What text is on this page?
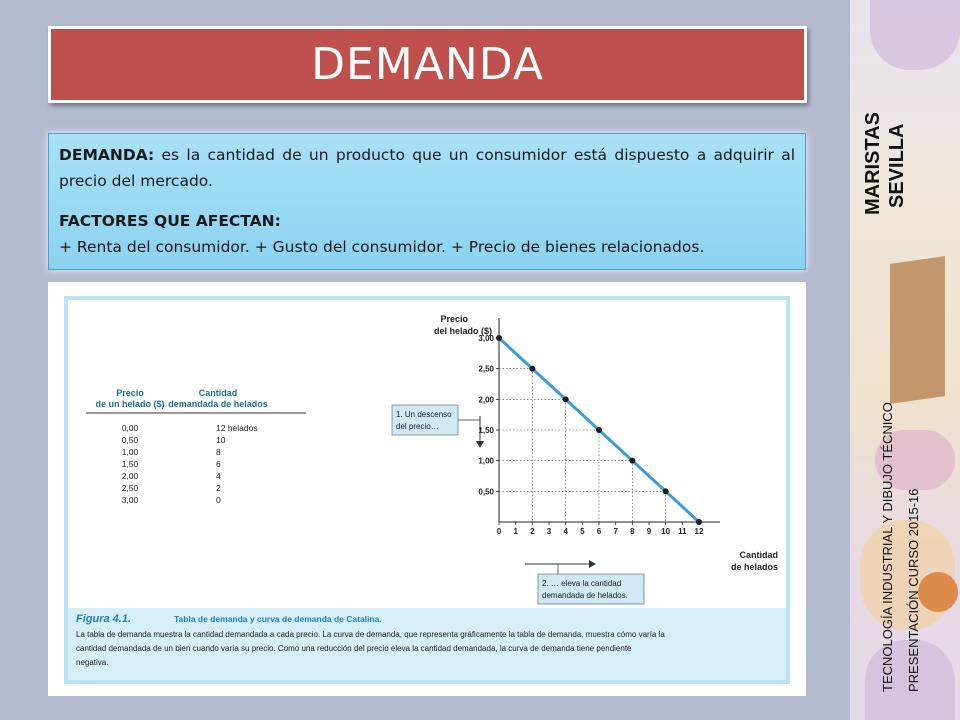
DEMANDA

DEMANDA: es la cantidad de un producto que un consumidor está dispuesto a adquirir al precio del mercado.

FACTORES QUE AFECTAN:

+ Renta del consumidor. + Gusto del consumidor. + Precio de bienes relacionados.

Precio
de un helado ($)
Cantidad
demandada de helados
0,00	12 helados
0,50	10
1,00	8
1,50	6
2,00	4
2,50	2
3,00	0
Precio
del helado ($)
Cantidad
de helados
0 1 2 3 4 5 6 7 8 9 10 11 12
3,00
2,50
2,00
1,50
1,00
0,50
1. Un descenso
del precio…
2. … eleva la cantidad
demandada de helados.
Figura 4.1.	Tabla de demanda y curva de demanda de Catalina.
La tabla de demanda muestra la cantidad demandada a cada precio. La curva de demanda, que representa gráficamente la tabla de demanda, muestra cómo varía la
cantidad demandada de un bien cuando varía su precio. Como una reducción del precio eleva la cantidad demandada, la curva de demanda tiene pendiente
negativa.
MARISTAS SEVILLA
TECNOLOGÍA INDUSTRIAL Y DIBUJO TÉCNICO PRESENTACIÓN CURSO 2015-16
